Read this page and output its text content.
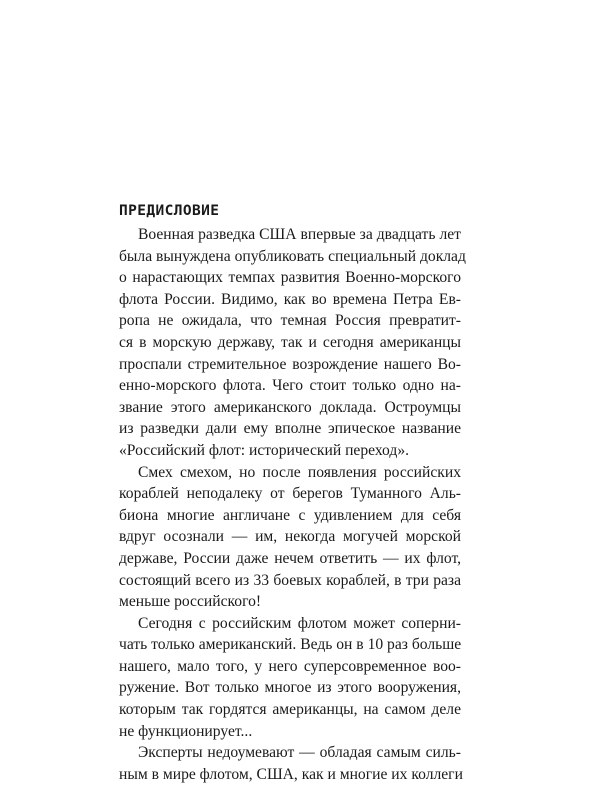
ПРЕДИСЛОВИЕ
Военная разведка США впервые за двадцать лет
была вынуждена опубликовать специальный доклад
о нарастающих темпах развития Военно-морского
флота России. Видимо, как во времена Петра Ев-
ропа не ожидала, что темная Россия превратит-
ся в морскую державу, так и сегодня американцы
проспали стремительное возрождение нашего Во-
енно-морского флота. Чего стоит только одно на-
звание этого американского доклада. Остроумцы
из разведки дали ему вполне эпическое название
«Российский флот: исторический переход».
Смех смехом, но после появления российских
кораблей неподалеку от берегов Туманного Аль-
биона многие англичане с удивлением для себя
вдруг осознали — им, некогда могучей морской
державе, России даже нечем ответить — их флот,
состоящий всего из 33 боевых кораблей, в три раза
меньше российского!
Сегодня с российским флотом может соперни-
чать только американский. Ведь он в 10 раз больше
нашего, мало того, у него суперсовременное воо-
ружение. Вот только многое из этого вооружения,
которым так гордятся американцы, на самом деле
не функционирует...
Эксперты недоумевают — обладая самым силь-
ным в мире флотом, США, как и многие их коллеги
